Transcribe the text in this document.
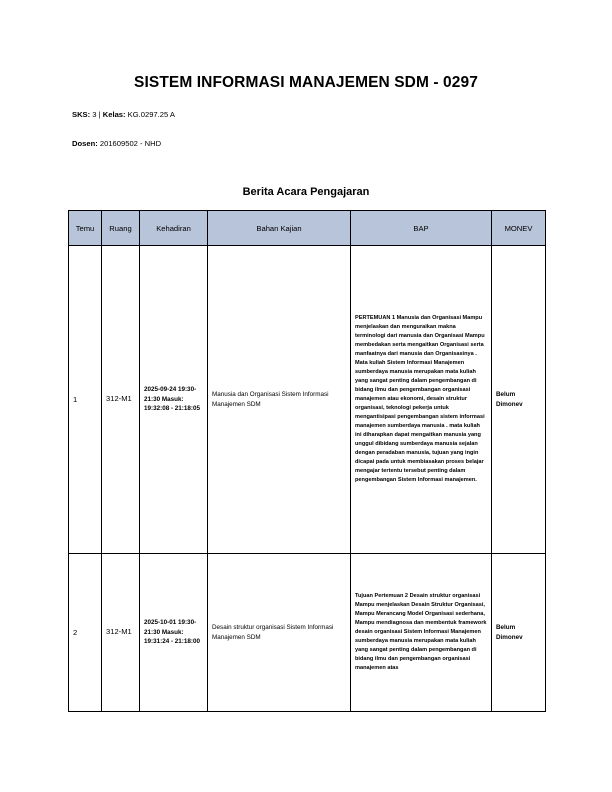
SISTEM INFORMASI MANAJEMEN SDM - 0297
SKS: 3 | Kelas: KG.0297.25 A
Dosen: 201609502 - NHD
Berita Acara Pengajaran
Temu	Ruang	Kehadiran	Bahan Kajian	BAP	MONEV
1	312-M1	2025-09-24 19:30-21:30 Masuk: 19:32:08 - 21:18:05	Manusia dan Organisasi Sistem Informasi Manajemen SDM	PERTEMUAN 1 Manusia dan Organisasi Mampu menjelaskan dan menguraikan makna terminologi dari manusia dan Organisasi Mampu membedakan serta mengaitkan Organisasi serta manfaatnya dari manusia dan Organisasinya . Mata kuliah Sistem Informasi Manajemen sumberdaya manusia merupakan mata kuliah yang sangat penting dalam pengembangan di bidang ilmu dan pengembangan organisasi manajemen atau ekonomi, desain struktur organisasi, teknologi pekerja untuk mengantisipasi pengembangan sistem informasi manajemen sumberdaya manusia . mata kuliah ini diharapkan dapat mengaitkan manusia yang unggul dibidang sumberdaya manusia sejalan dengan peradaban manusia, tujuan yang ingin dicapai pada untuk membiasakan proses belajar mengajar tertentu tersebut penting dalam pengembangan Sistem Informasi manajemen.	Belum Dimonev
2	312-M1	2025-10-01 19:30-21:30 Masuk: 19:31:24 - 21:18:00	Desain struktur organisasi Sistem Informasi Manajemen SDM	Tujuan Pertemuan 2 Desain struktur organisasi Mampu menjelaskan Desain Struktur Organisasi, Mampu Merancang Model Organisasi sederhana, Mampu mendiagnosa dan membentuk framework desain organisasi Sistem Informasi Manajemen sumberdaya manusia merupakan mata kuliah yang sangat penting dalam pengembangan di bidang ilmu dan pengembangan organisasi manajemen atas	Belum Dimonev
